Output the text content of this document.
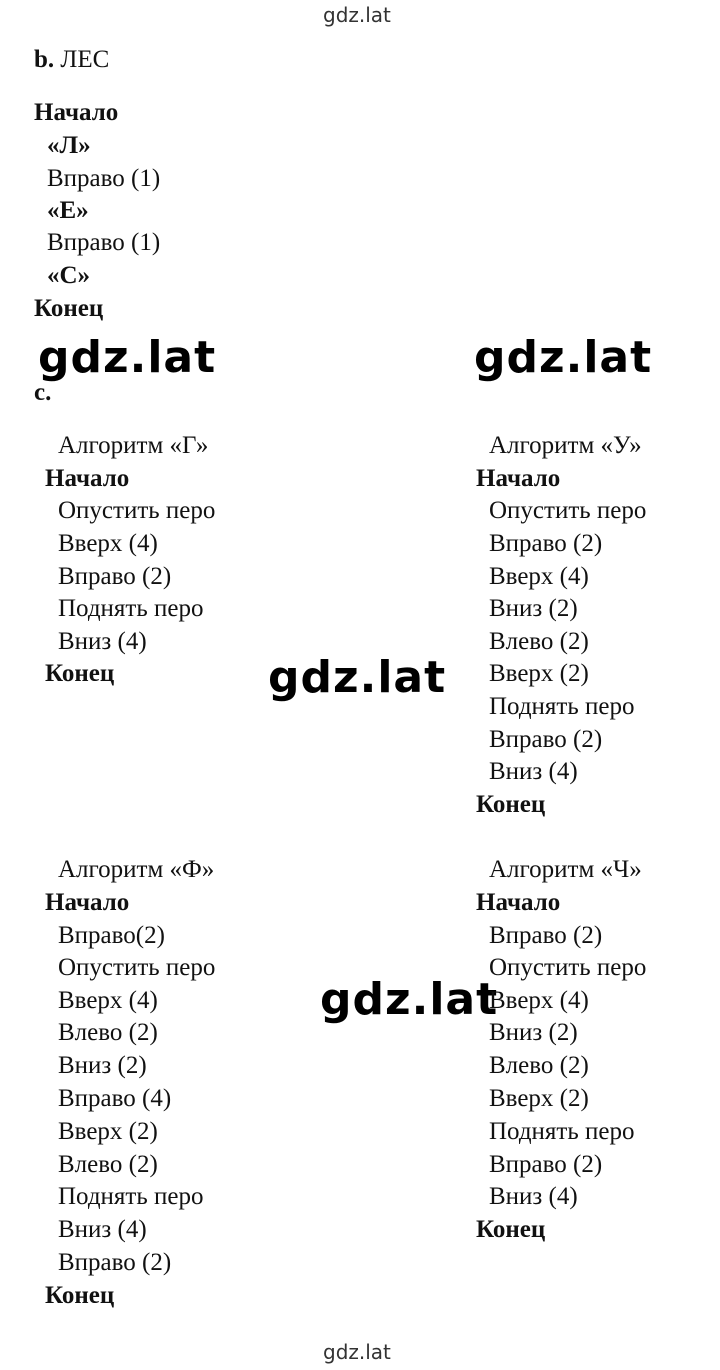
gdz.lat
gdz.lat	gdz.lat
gdz.lat
gdz.lat
gdz.lat
b. ЛЕС
Начало
«Л»
Вправо (1)
«Е»
Вправо (1)
«С»
Конец
c.
Алгоритм «Г»
Начало
Опустить перо
Вверх (4)
Вправо (2)
Поднять перо
Вниз (4)
Конец
Алгоритм «У»
Начало
Опустить перо
Вправо (2)
Вверх (4)
Вниз (2)
Влево (2)
Вверх (2)
Поднять перо
Вправо (2)
Вниз (4)
Конец
Алгоритм «Ф»
Начало
Вправо(2)
Опустить перо
Вверх (4)
Влево (2)
Вниз (2)
Вправо (4)
Вверх (2)
Влево (2)
Поднять перо
Вниз (4)
Вправо (2)
Конец
Алгоритм «Ч»
Начало
Вправо (2)
Опустить перо
Вверх (4)
Вниз (2)
Влево (2)
Вверх (2)
Поднять перо
Вправо (2)
Вниз (4)
Конец
